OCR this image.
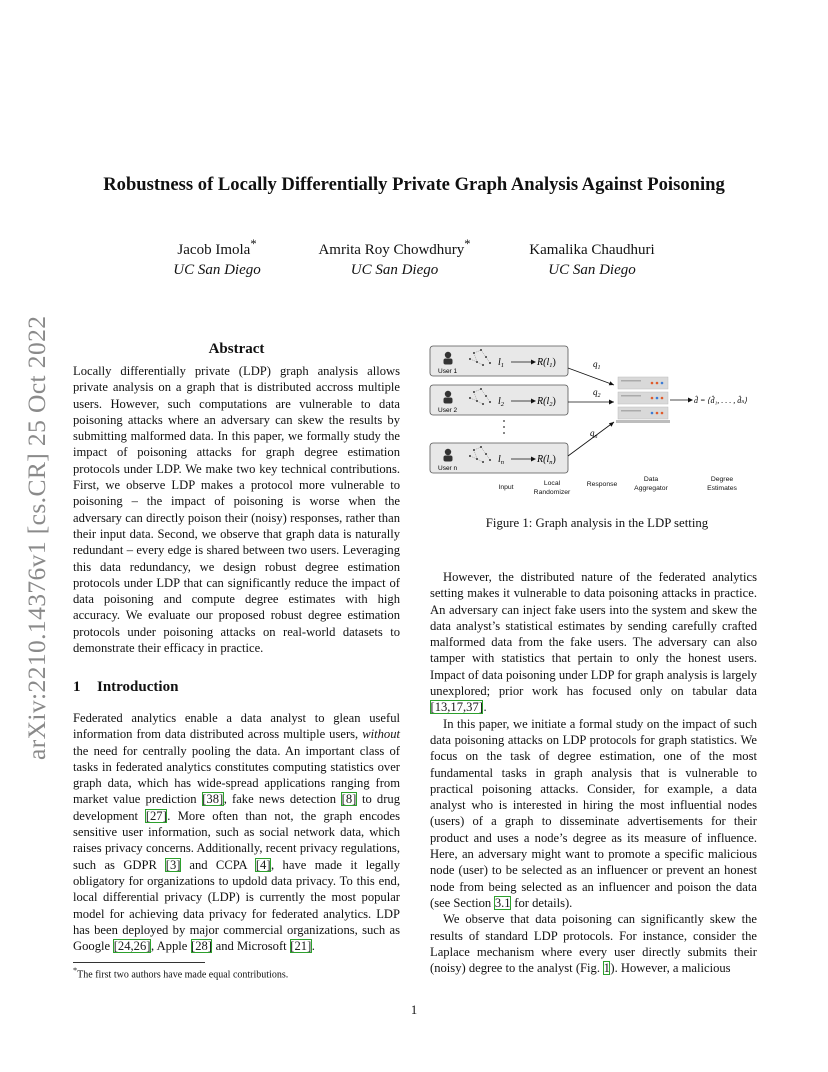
arXiv:2210.14376v1 [cs.CR] 25 Oct 2022
Robustness of Locally Differentially Private Graph Analysis Against Poisoning
Jacob Imola*
UC San Diego
Amrita Roy Chowdhury*
UC San Diego
Kamalika Chaudhuri
UC San Diego
Abstract

Locally differentially private (LDP) graph analysis allows private analysis on a graph that is distributed accross multiple users. However, such computations are vulnerable to data poisoning attacks where an adversary can skew the results by submitting malformed data. In this paper, we formally study the impact of poisoning attacks for graph degree estimation protocols under LDP. We make two key technical contributions. First, we observe LDP makes a protocol more vulnerable to poisoning – the impact of poisoning is worse when the adversary can directly poison their (noisy) responses, rather than their input data. Second, we observe that graph data is naturally redundant – every edge is shared between two users. Leveraging this data redundancy, we design robust degree estimation protocols under LDP that can significantly reduce the impact of data poisoning and compute degree estimates with high accuracy. We evaluate our proposed robust degree estimation protocols under poisoning attacks on real-world datasets to demonstrate their efficacy in practice.

1 Introduction

Federated analytics enable a data analyst to glean useful information from data distributed across multiple users, without the need for centrally pooling the data. An important class of tasks in federated analytics constitutes computing statistics over graph data, which has wide-spread applications ranging from market value prediction [38], fake news detection [8] to drug development [27]. More often than not, the graph encodes sensitive user information, such as social network data, which raises privacy concerns. Additionally, recent privacy regulations, such as GDPR [3] and CCPA [4], have made it legally obligatory for organizations to updold data privacy. To this end, local differential privacy (LDP) is currently the most popular model for achieving data privacy for federated analytics. LDP has been deployed by major commercial organizations, such as Google [24,26], Apple [28] and Microsoft [21].

*The first two authors have made equal contributions.
User 1
$l_1$	$R(l_1)$
User 2
$l_2$	$R(l_2)$
User n
$l_n$	$R(l_n)$
$q_1$
$q_2$
$q_n$
d̂ = ⟨d̂₁, . . . , d̂ₙ⟩
Input
Local
Randomizer
Response
Data
Aggregator
Degree
Estimates
Figure 1: Graph analysis in the LDP setting

However, the distributed nature of the federated analytics setting makes it vulnerable to data poisoning attacks in practice. An adversary can inject fake users into the system and skew the data analyst’s statistical estimates by sending carefully crafted malformed data from the fake users. The adversary can also tamper with statistics that pertain to only the honest users. Impact of data poisoning under LDP for graph analysis is largely unexplored; prior work has focused only on tabular data [13,17,37].

In this paper, we initiate a formal study on the impact of such data poisoning attacks on LDP protocols for graph statistics. We focus on the task of degree estimation, one of the most fundamental tasks in graph analysis that is vulnerable to practical poisoning attacks. Consider, for example, a data analyst who is interested in hiring the most influential nodes (users) of a graph to disseminate advertisements for their product and uses a node’s degree as its measure of influence. Here, an adversary might want to promote a specific malicious node (user) to be selected as an influencer or prevent an honest node from being selected as an influencer and poison the data (see Section 3.1 for details).

We observe that data poisoning can significantly skew the results of standard LDP protocols. For instance, consider the Laplace mechanism where every user directly submits their (noisy) degree to the analyst (Fig. 1). However, a malicious

1
